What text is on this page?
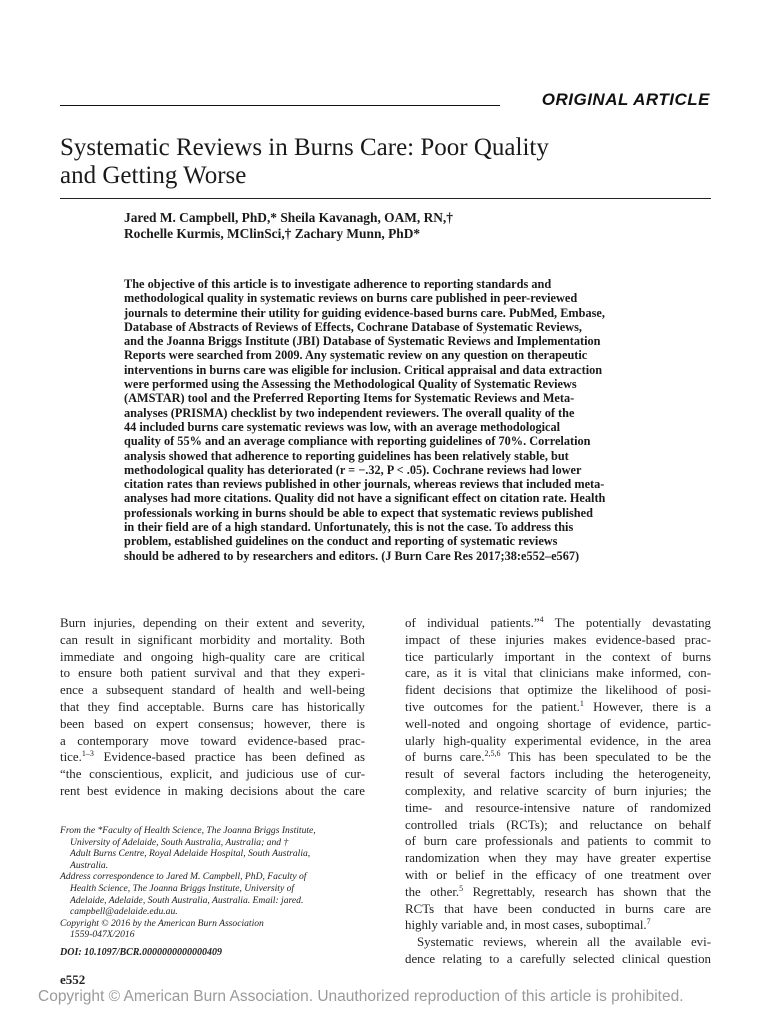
ORIGINAL ARTICLE
Systematic Reviews in Burns Care: Poor Quality
and Getting Worse
Jared M. Campbell, PhD,* Sheila Kavanagh, OAM, RN,†
Rochelle Kurmis, MClinSci,† Zachary Munn, PhD*
The objective of this article is to investigate adherence to reporting standards and
methodological quality in systematic reviews on burns care published in peer-reviewed
journals to determine their utility for guiding evidence-based burns care. PubMed, Embase,
Database of Abstracts of Reviews of Effects, Cochrane Database of Systematic Reviews,
and the Joanna Briggs Institute (JBI) Database of Systematic Reviews and Implementation
Reports were searched from 2009. Any systematic review on any question on therapeutic
interventions in burns care was eligible for inclusion. Critical appraisal and data extraction
were performed using the Assessing the Methodological Quality of Systematic Reviews
(AMSTAR) tool and the Preferred Reporting Items for Systematic Reviews and Meta-
analyses (PRISMA) checklist by two independent reviewers. The overall quality of the
44 included burns care systematic reviews was low, with an average methodological
quality of 55% and an average compliance with reporting guidelines of 70%. Correlation
analysis showed that adherence to reporting guidelines has been relatively stable, but
methodological quality has deteriorated (r = −.32, P < .05). Cochrane reviews had lower
citation rates than reviews published in other journals, whereas reviews that included meta-
analyses had more citations. Quality did not have a significant effect on citation rate. Health
professionals working in burns should be able to expect that systematic reviews published
in their field are of a high standard. Unfortunately, this is not the case. To address this
problem, established guidelines on the conduct and reporting of systematic reviews
should be adhered to by researchers and editors. (J Burn Care Res 2017;38:e552–e567)
Burn injuries, depending on their extent and severity,
can result in significant morbidity and mortality. Both
immediate and ongoing high-quality care are critical
to ensure both patient survival and that they experi-
ence a subsequent standard of health and well-being
that they find acceptable. Burns care has historically
been based on expert consensus; however, there is
a contemporary move toward evidence-based prac-
tice.$^{1-3}$ Evidence-based practice has been defined as
“the conscientious, explicit, and judicious use of cur-
rent best evidence in making decisions about the care
From the *Faculty of Health Science, The Joanna Briggs Institute,
University of Adelaide, South Australia, Australia; and †
Adult Burns Centre, Royal Adelaide Hospital, South Australia,
Australia.
Address correspondence to Jared M. Campbell, PhD, Faculty of
Health Science, The Joanna Briggs Institute, University of
Adelaide, Adelaide, South Australia, Australia. Email: jared.
campbell@adelaide.edu.au.
Copyright © 2016 by the American Burn Association
1559-047X/2016
DOI: 10.1097/BCR.0000000000000409
e552
of individual patients.”$^4$ The potentially devastating
impact of these injuries makes evidence-based prac-
tice particularly important in the context of burns
care, as it is vital that clinicians make informed, con-
fident decisions that optimize the likelihood of posi-
tive outcomes for the patient.$^1$ However, there is a
well-noted and ongoing shortage of evidence, partic-
ularly high-quality experimental evidence, in the area
of burns care.$^{2,5,6}$ This has been speculated to be the
result of several factors including the heterogeneity,
complexity, and relative scarcity of burn injuries; the
time- and resource-intensive nature of randomized
controlled trials (RCTs); and reluctance on behalf
of burn care professionals and patients to commit to
randomization when they may have greater expertise
with or belief in the efficacy of one treatment over
the other.$^5$ Regrettably, research has shown that the
RCTs that have been conducted in burns care are
highly variable and, in most cases, suboptimal.$^7$
Systematic reviews, wherein all the available evi-
dence relating to a carefully selected clinical question
Copyright © American Burn Association. Unauthorized reproduction of this article is prohibited.
